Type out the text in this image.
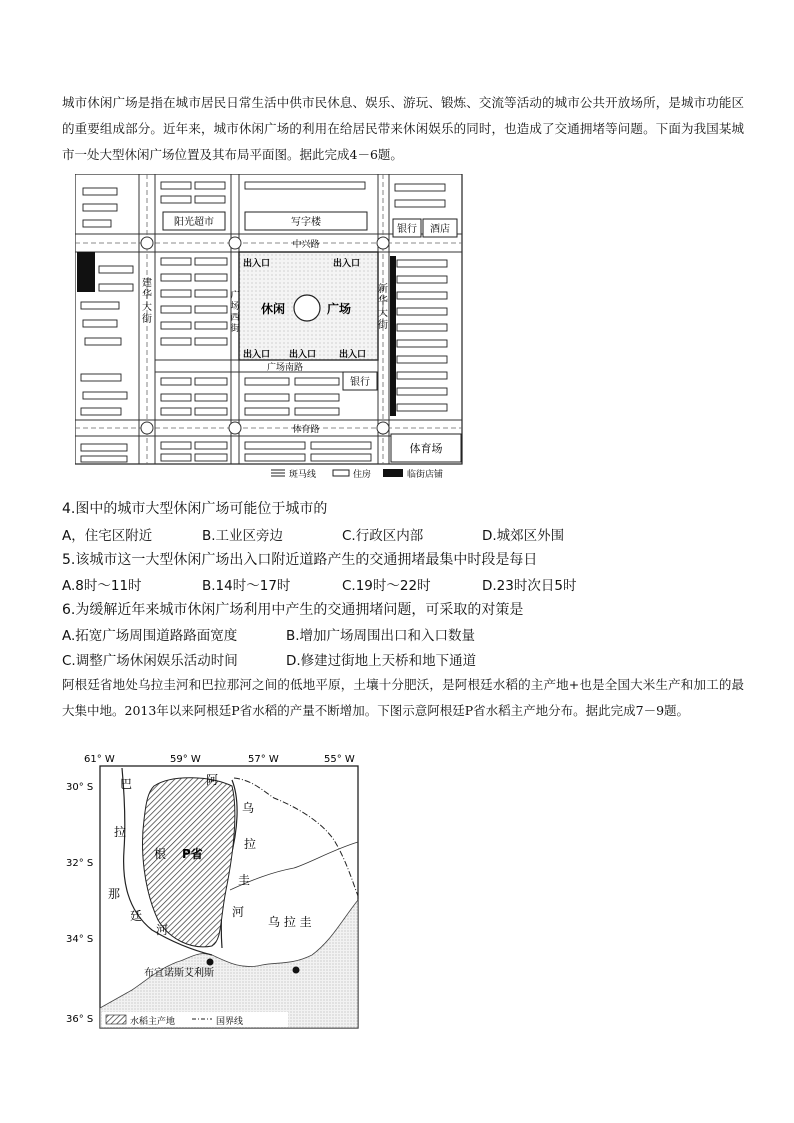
城市休闲广场是指在城市居民日常生活中供市民休息、娱乐、游玩、锻炼、交流等活动的城市公共开放场所，是城市功能区的重要组成部分。近年来，城市休闲广场的利用在给居民带来休闲娱乐的同时，也造成了交通拥堵等问题。下面为我国某城市一处大型休闲广场位置及其布局平面图。据此完成4－6题。
阳光超市	写字楼
银行 酒店
银行
体育场
中兴路
广场南路
体育路
建
华
大
街
广
场
西
街
新
华
大
街
出入口	出入口
出入口 出入口	出入口
休闲	广场
斑马线	住房	临街店铺
4.图中的城市大型休闲广场可能位于城市的
A，住宅区附近	B.工业区旁边	C.行政区内部	D.城郊区外围
5.该城市这一大型休闲广场出入口附近道路产生的交通拥堵最集中时段是每日
A.8时～11时	B.14时～17时	C.19时～22时	D.23时次日5时
6.为缓解近年来城市休闲广场利用中产生的交通拥堵问题，可采取的对策是
A.拓宽广场周围道路路面宽度	B.增加广场周围出口和入口数量
C.调整广场休闲娱乐活动时间	D.修建过街地上天桥和地下通道
阿根廷省地处乌拉圭河和巴拉那河之间的低地平原，土壤十分肥沃，是阿根廷水稻的主产地+也是全国大米生产和加工的最大集中地。2013年以来阿根廷P省水稻的产量不断增加。下图示意阿根廷P省水稻主产地分布。据此完成7－9题。
61° W	59° W	57° W	55° W
30° S
32° S
34° S
36° S
阿
根
廷
巴
拉
那
河
P省
乌
拉
圭
河
乌 拉 圭
布宜诺斯艾利斯
水稻主产地	国界线
